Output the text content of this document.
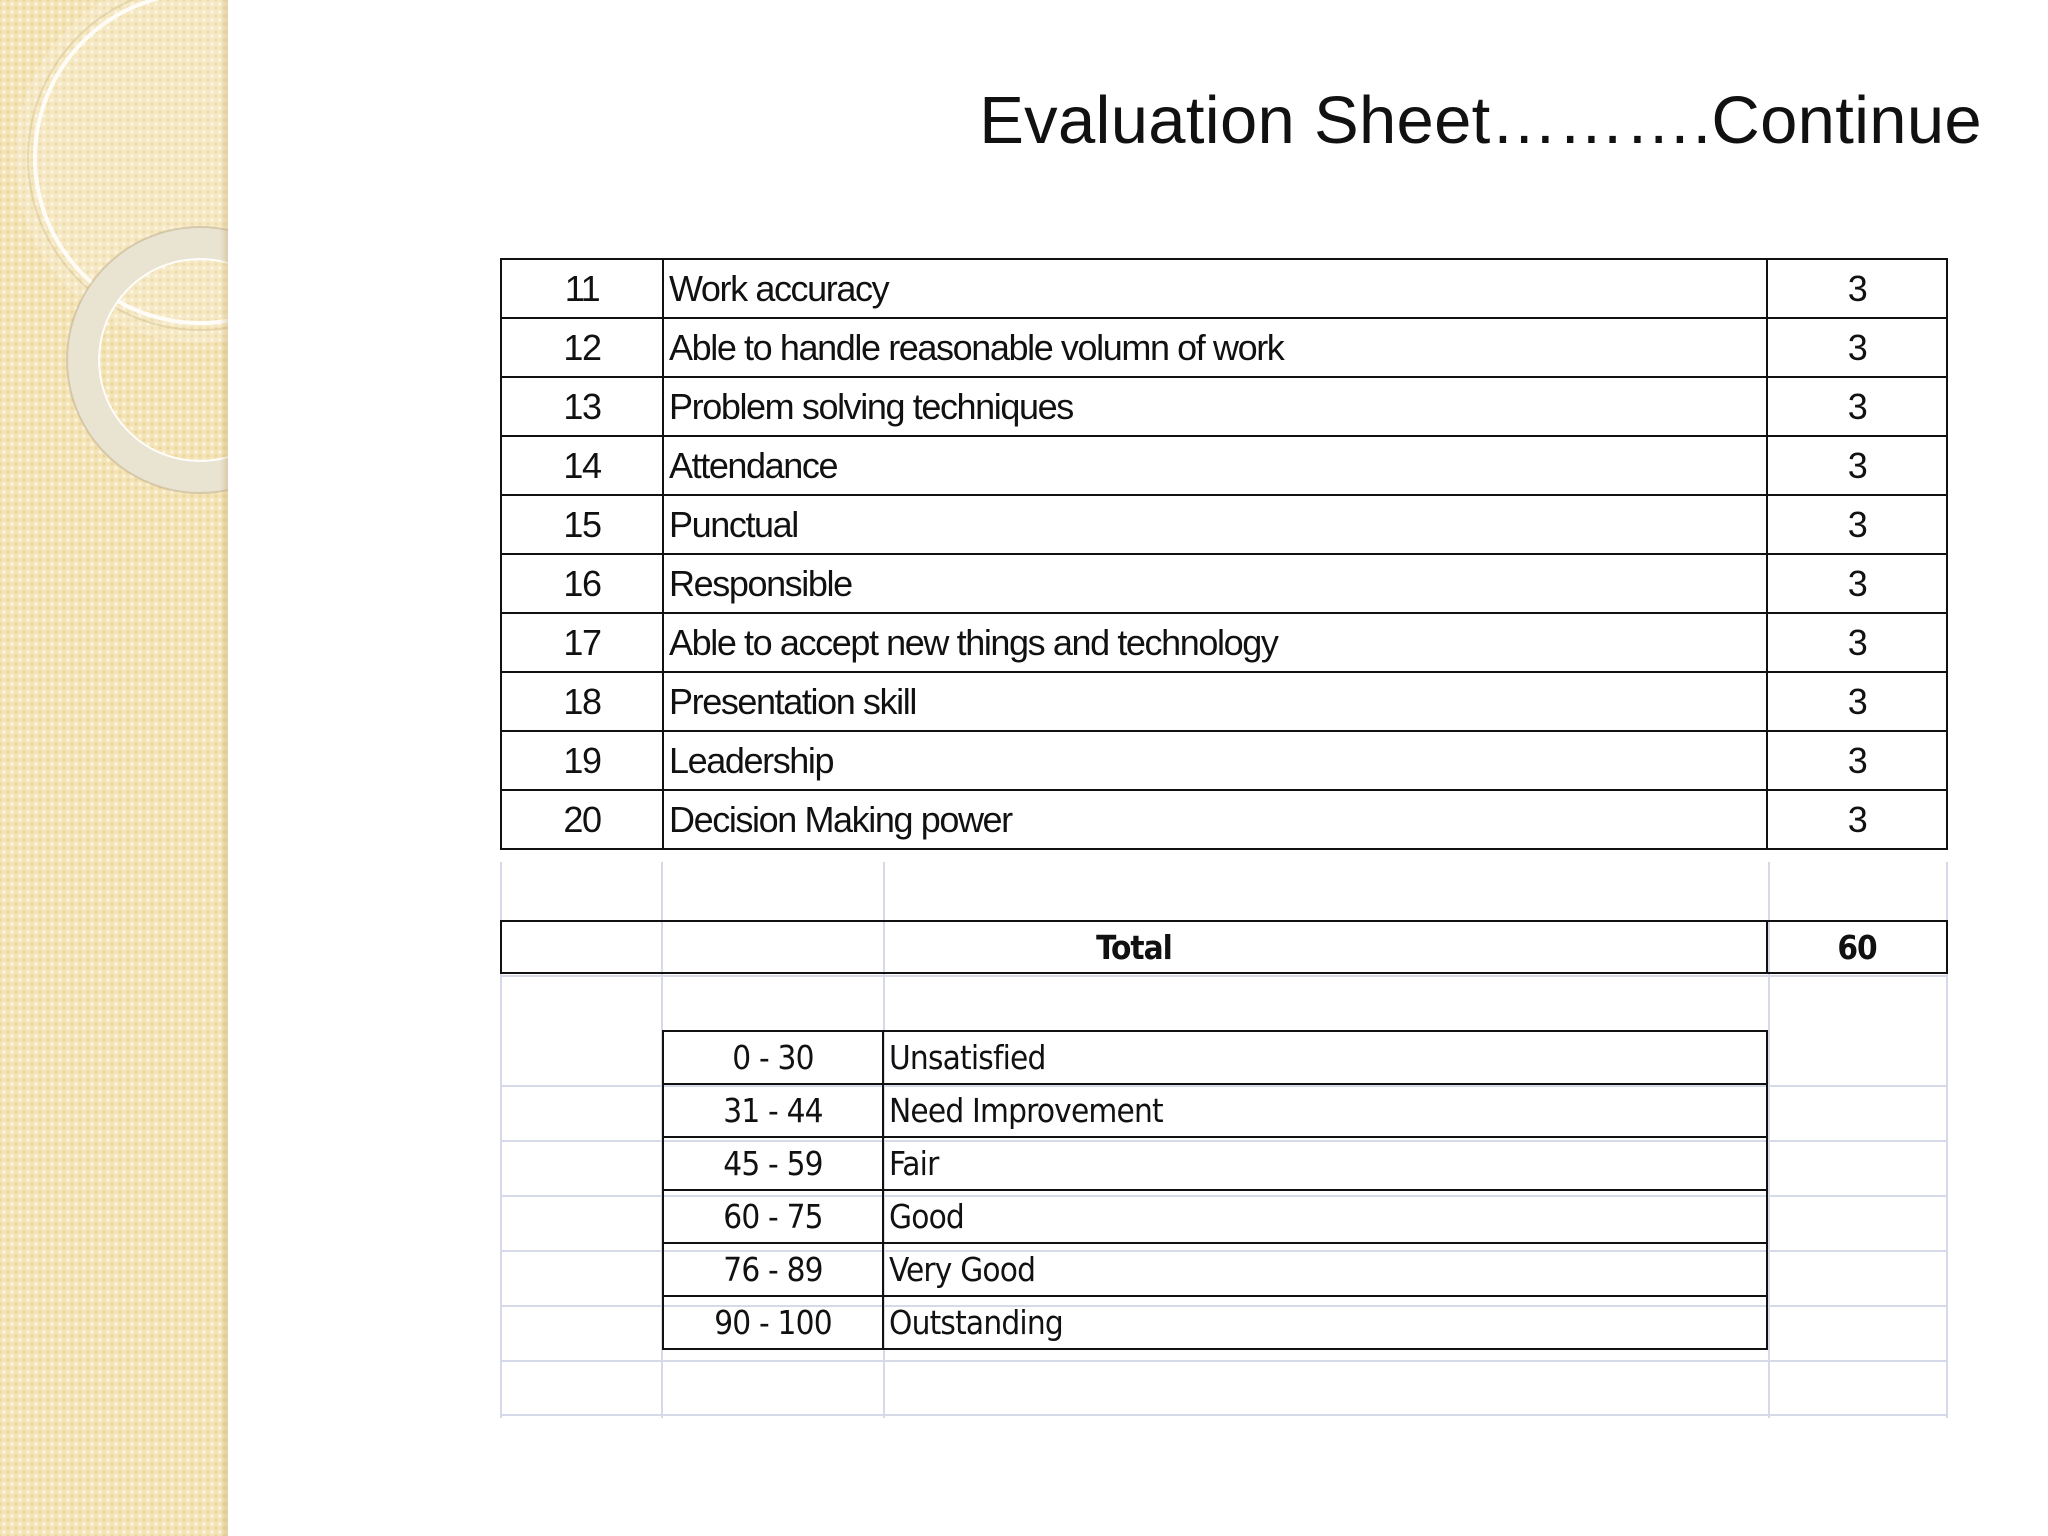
Evaluation Sheet……….Continue
11	Work accuracy	3
12	Able to handle reasonable volumn of work	3
13	Problem solving techniques	3
14	Attendance	3
15	Punctual	3
16	Responsible	3
17	Able to accept new things and technology	3
18	Presentation skill	3
19	Leadership	3
20	Decision Making power	3
Total	60
0 - 30	Unsatisfied
31 - 44	Need Improvement
45 - 59	Fair
60 - 75	Good
76 - 89	Very Good
90 - 100	Outstanding
